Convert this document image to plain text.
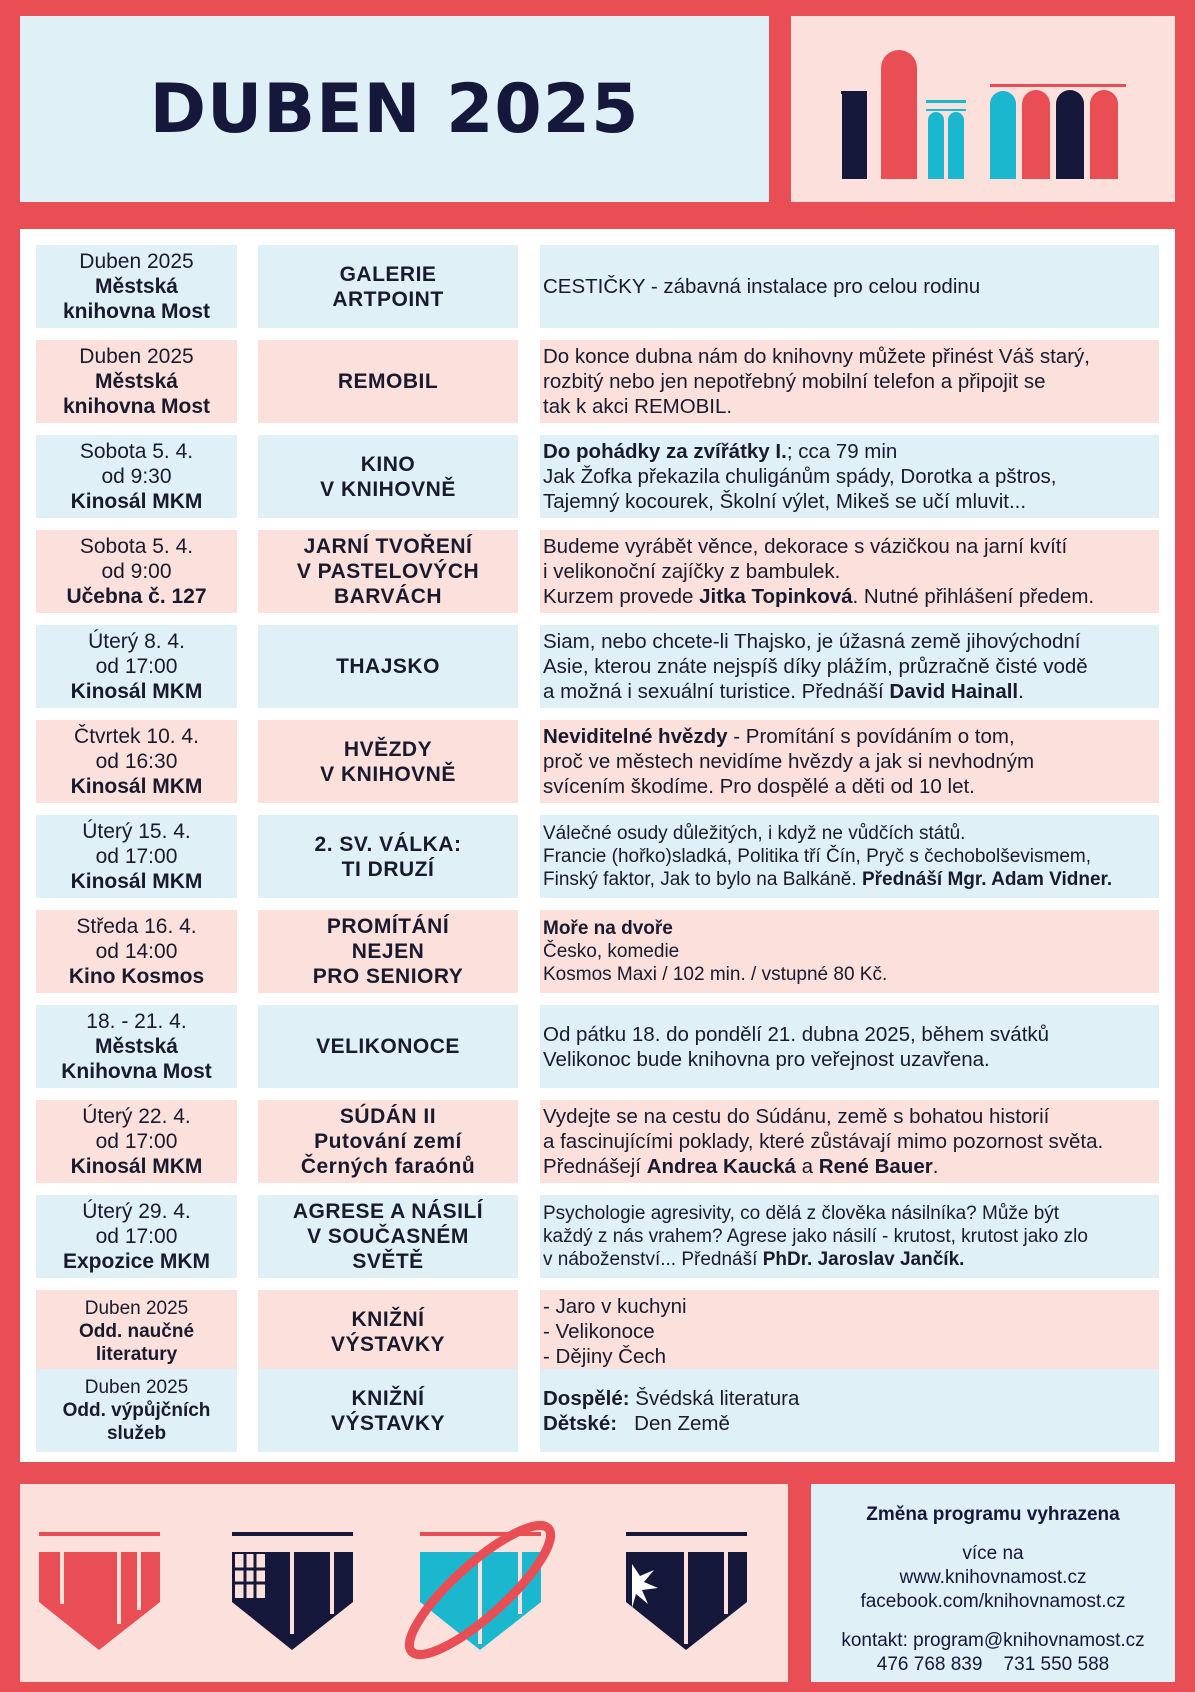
DUBEN 2025
Duben 2025
Městská
knihovna Most
GALERIE
ARTPOINT
CESTIČKY - zábavná instalace pro celou rodinu
Duben 2025
Městská
knihovna Most
REMOBIL
Do konce dubna nám do knihovny můžete přinést Váš starý,
rozbitý nebo jen nepotřebný mobilní telefon a připojit se
tak k akci REMOBIL.
Sobota 5. 4.
od 9:30
Kinosál MKM
KINO
V KNIHOVNĚ
Do pohádky za zvířátky I.; cca 79 min
Jak Žofka překazila chuligánům spády, Dorotka a pštros,
Tajemný kocourek, Školní výlet, Mikeš se učí mluvit...
Sobota 5. 4.
od 9:00
Učebna č. 127
JARNÍ TVOŘENÍ
V PASTELOVÝCH
BARVÁCH
Budeme vyrábět věnce, dekorace s vázičkou na jarní kvítí
i velikonoční zajíčky z bambulek.
Kurzem provede Jitka Topinková. Nutné přihlášení předem.
Úterý 8. 4.
od 17:00
Kinosál MKM
THAJSKO
Siam, nebo chcete-li Thajsko, je úžasná země jihovýchodní
Asie, kterou znáte nejspíš díky plážím, průzračně čisté vodě
a možná i sexuální turistice. Přednáší David Hainall.
Čtvrtek 10. 4.
od 16:30
Kinosál MKM
HVĚZDY
V KNIHOVNĚ
Neviditelné hvězdy - Promítání s povídáním o tom,
proč ve městech nevidíme hvězdy a jak si nevhodným
svícením škodíme. Pro dospělé a děti od 10 let.
Úterý 15. 4.
od 17:00
Kinosál MKM
2. SV. VÁLKA:
TI DRUZÍ
Válečné osudy důležitých, i když ne vůdčích států.
Francie (hořko)sladká, Politika tří Čín, Pryč s čechobolševismem,
Finský faktor, Jak to bylo na Balkáně. Přednáší Mgr. Adam Vidner.
Středa 16. 4.
od 14:00
Kino Kosmos
PROMÍTÁNÍ
NEJEN
PRO SENIORY
Moře na dvoře
Česko, komedie
Kosmos Maxi / 102 min. / vstupné 80 Kč.
18. - 21. 4.
Městská
Knihovna Most
VELIKONOCE
Od pátku 18. do pondělí 21. dubna 2025, během svátků
Velikonoc bude knihovna pro veřejnost uzavřena.
Úterý 22. 4.
od 17:00
Kinosál MKM
SÚDÁN II
Putování zemí
Černých faraónů
Vydejte se na cestu do Súdánu, země s bohatou historií
a fascinujícími poklady, které zůstávají mimo pozornost světa.
Přednášejí Andrea Kaucká a René Bauer.
Úterý 29. 4.
od 17:00
Expozice MKM
AGRESE A NÁSILÍ
V SOUČASNÉM
SVĚTĚ
Psychologie agresivity, co dělá z člověka násilníka? Může být
každý z nás vrahem? Agrese jako násilí - krutost, krutost jako zlo
v náboženství... Přednáší PhDr. Jaroslav Jančík.
Duben 2025
Odd. naučné
literatury
KNIŽNÍ
VÝSTAVKY
- Jaro v kuchyni
- Velikonoce
- Dějiny Čech
Duben 2025
Odd. výpůjčních
služeb
KNIŽNÍ
VÝSTAVKY
Dospělé: Švédská literatura
Dětské: Den Země
Změna programu vyhrazena
více na
www.knihovnamost.cz
facebook.com/knihovnamost.cz
kontakt: program@knihovnamost.cz
476 768 839    731 550 588
